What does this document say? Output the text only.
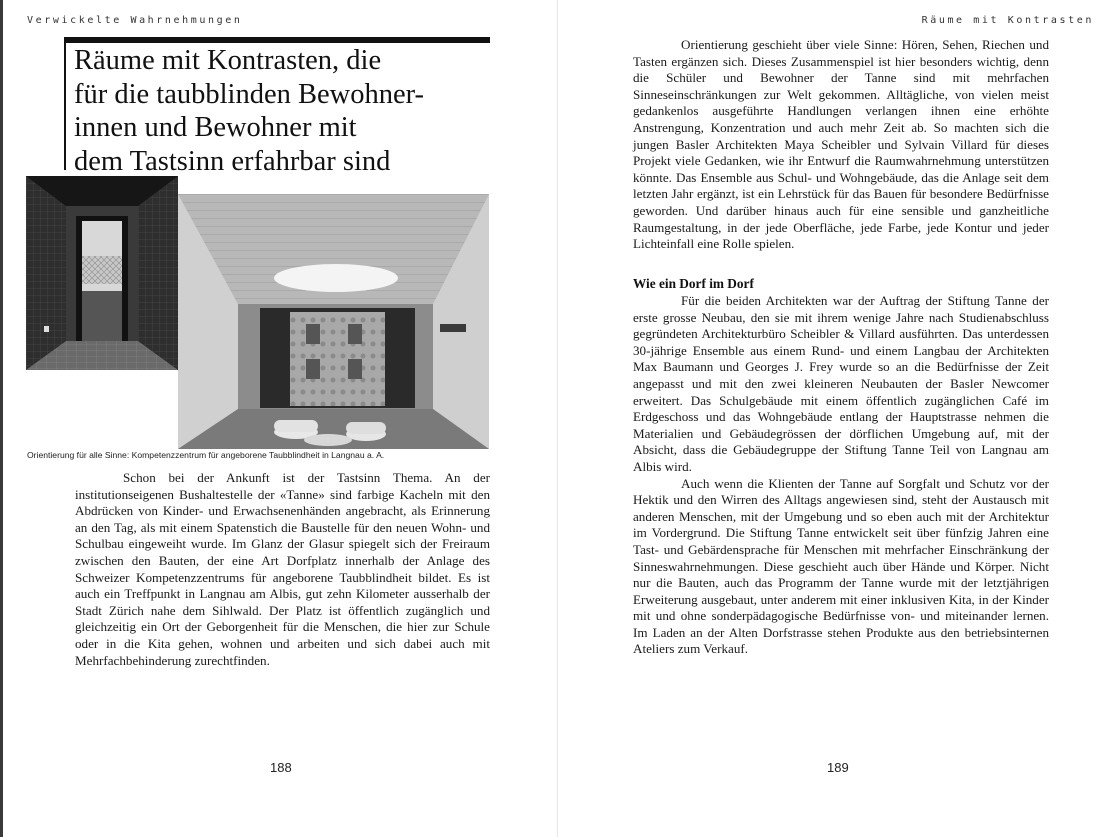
Verwickelte Wahrnehmungen	Räume mit Kontrasten
Räume mit Kontrasten, die
für die taubblinden Bewohner-
innen und Bewohner mit
dem Tastsinn erfahrbar sind
Orientierung für alle Sinne: Kompetenzzentrum für angeborene Taubblindheit in Langnau a. A.

Schon bei der Ankunft ist der Tastsinn Thema. An der institutionseigenen Bushaltestelle der «Tanne» sind farbige Kacheln mit den Abdrücken von Kinder- und Erwachsenenhänden angebracht, als Erinnerung an den Tag, als mit einem Spatenstich die Baustelle für den neuen Wohn- und Schulbau eingeweiht wurde. Im Glanz der Glasur spiegelt sich der Freiraum zwischen den Bauten, der eine Art Dorfplatz innerhalb der Anlage des Schweizer Kompetenzzentrums für angeborene Taubblindheit bildet. Es ist auch ein Treffpunkt in Langnau am Albis, gut zehn Kilometer ausserhalb der Stadt Zürich nahe dem Sihlwald. Der Platz ist öffentlich zugänglich und gleichzeitig ein Ort der Geborgenheit für die Menschen, die hier zur Schule oder in die Kita gehen, wohnen und arbeiten und sich dabei auch mit Mehrfachbehinderung zurechtfinden.

Orientierung geschieht über viele Sinne: Hören, Sehen, Riechen und Tasten ergänzen sich. Dieses Zusammenspiel ist hier besonders wichtig, denn die Schüler und Bewohner der Tanne sind mit mehrfachen Sinneseinschränkungen zur Welt gekommen. Alltägliche, von vielen meist gedankenlos ausgeführte Handlungen verlangen ihnen eine erhöhte Anstrengung, Konzentration und auch mehr Zeit ab. So machten sich die jungen Basler Architekten Maya Scheibler und Sylvain Villard für dieses Projekt viele Gedanken, wie ihr Entwurf die Raumwahrnehmung unterstützen könnte. Das Ensemble aus Schul- und Wohngebäude, das die Anlage seit dem letzten Jahr ergänzt, ist ein Lehrstück für das Bauen für besondere Bedürfnisse geworden. Und darüber hinaus auch für eine sensible und ganzheitliche Raumgestaltung, in der jede Oberfläche, jede Farbe, jede Kontur und jeder Lichteinfall eine Rolle spielen.

Wie ein Dorf im Dorf

Für die beiden Architekten war der Auftrag der Stiftung Tanne der erste grosse Neubau, den sie mit ihrem wenige Jahre nach Studienabschluss gegründeten Architekturbüro Scheibler & Villard ausführten. Das unterdessen 30-jährige Ensemble aus einem Rund- und einem Langbau der Architekten Max Baumann und Georges J. Frey wurde so an die Bedürfnisse der Zeit angepasst und mit den zwei kleineren Neubauten der Basler Newcomer erweitert. Das Schulgebäude mit einem öffentlich zugänglichen Café im Erdgeschoss und das Wohngebäude entlang der Hauptstrasse nehmen die Materialien und Gebäudegrössen der dörflichen Umgebung auf, mit der Absicht, dass die Gebäudegruppe der Stiftung Tanne Teil von Langnau am Albis wird.

Auch wenn die Klienten der Tanne auf Sorgfalt und Schutz vor der Hektik und den Wirren des Alltags angewiesen sind, steht der Austausch mit anderen Menschen, mit der Umgebung und so eben auch mit der Architektur im Vordergrund. Die Stiftung Tanne entwickelt seit über fünfzig Jahren eine Tast- und Gebärdensprache für Menschen mit mehrfacher Einschränkung der Sinneswahrnehmungen. Diese geschieht auch über Hände und Körper. Nicht nur die Bauten, auch das Programm der Tanne wurde mit der letztjährigen Erweiterung ausgebaut, unter anderem mit einer inklusiven Kita, in der Kinder mit und ohne sonderpädagogische Bedürfnisse von- und miteinander lernen. Im Laden an der Alten Dorfstrasse stehen Produkte aus den betriebsinternen Ateliers zum Verkauf.

188	189
